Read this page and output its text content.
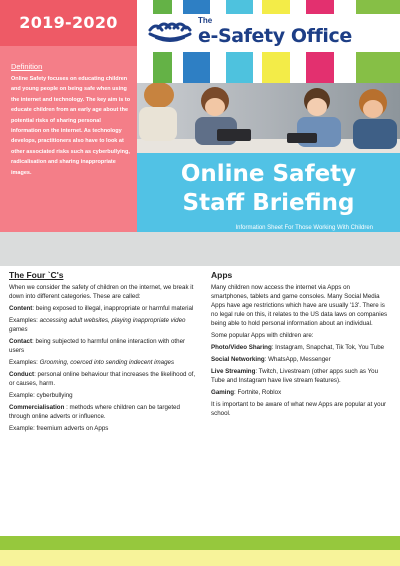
2019-2020
Definition
Online Safety focuses on educating children and young people on being safe when using the internet and technology. The key aim is to educate children from an early age about the potential risks of sharing personal information on the internet. As technology develops, practitioners also have to look at other associated risks such as cyberbullying, radicalisation and sharing inappropriate images.
The
e-Safety Office
Online Safety
Staff Briefing
Information Sheet For Those Working With Children
The Four `C's
When we consider the safety of children on the internet, we break it down into different categories. These are called:
Content: being exposed to illegal, inappropriate or harmful material
Examples: accessing adult websites, playing inappropriate video games
Contact: being subjected to harmful online interaction with other users
Examples: Grooming, coerced into sending indecent images
Conduct: personal online behaviour that increases the likelihood of, or causes, harm.
Example: cyberbullying
Commercialisation : methods where children can be targeted through online adverts or influence.
Example: freemium adverts on Apps
Apps
Many children now access the internet via Apps on smartphones, tablets and game consoles. Many Social Media Apps have age restrictions which have are usually '13'. There is no legal rule on this, it relates to the US data laws on companies being able to hold personal information about an individual.
Some popular Apps with children are:
Photo/Video Sharing: Instagram, Snapchat, Tik Tok, You Tube
Social Networking: WhatsApp, Messenger
Live Streaming: Twitch, Livestream (other apps such as You Tube and Instagram have live stream features).
Gaming: Fortnite, Roblox
It is important to be aware of what new Apps are popular at your school.
